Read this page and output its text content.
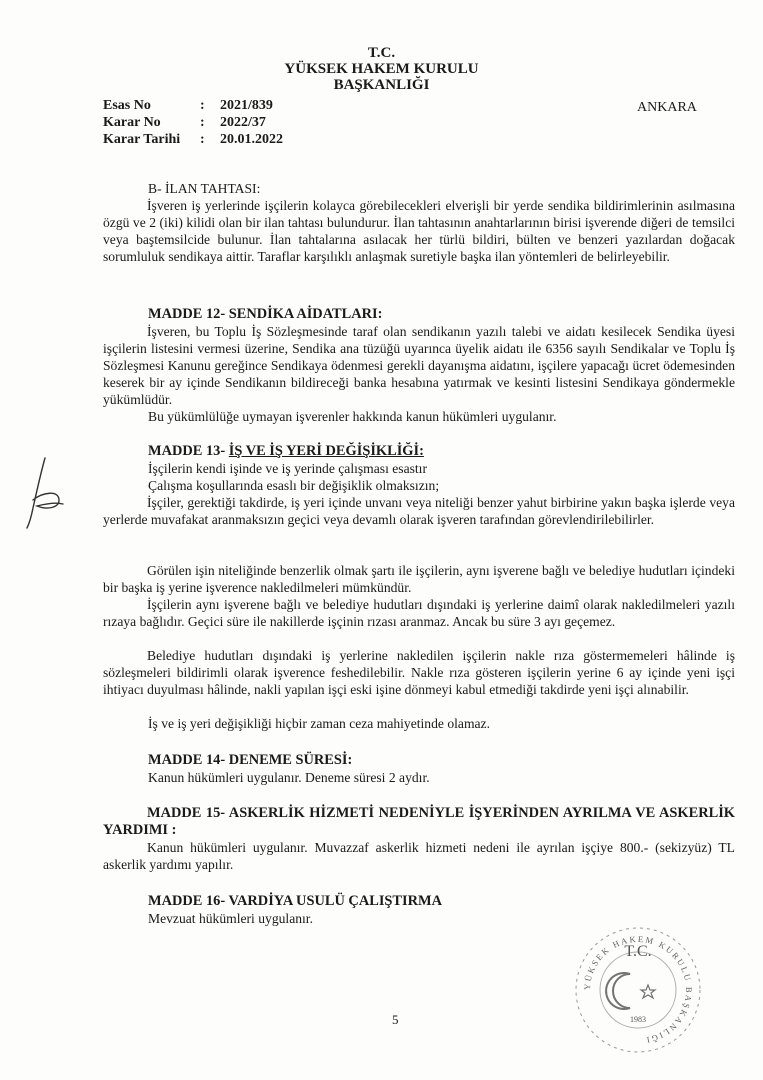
T.C.
YÜKSEK HAKEM KURULU
BAŞKANLIĞI
ANKARA
Esas No	:	2021/839
Karar No	:	2022/37
Karar Tarihi	:	20.01.2022
B- İLAN TAHTASI:
İşveren iş yerlerinde işçilerin kolayca görebilecekleri elverişli bir yerde sendika bildirimlerinin asılmasına özgü ve 2 (iki) kilidi olan bir ilan tahtası bulundurur. İlan tahtasının anahtarlarının birisi işverende diğeri de temsilci veya baştemsilcide bulunur. İlan tahtalarına asılacak her türlü bildiri, bülten ve benzeri yazılardan doğacak sorumluluk sendikaya aittir. Taraflar karşılıklı anlaşmak suretiyle başka ilan yöntemleri de belirleyebilir.
MADDE 12- SENDİKA AİDATLARI:
İşveren, bu Toplu İş Sözleşmesinde taraf olan sendikanın yazılı talebi ve aidatı kesilecek Sendika üyesi işçilerin listesini vermesi üzerine, Sendika ana tüzüğü uyarınca üyelik aidatı ile 6356 sayılı Sendikalar ve Toplu İş Sözleşmesi Kanunu gereğince Sendikaya ödenmesi gerekli dayanışma aidatını, işçilere yapacağı ücret ödemesinden keserek bir ay içinde Sendikanın bildireceği banka hesabına yatırmak ve kesinti listesini Sendikaya göndermekle yükümlüdür.
Bu yükümlülüğe uymayan işverenler hakkında kanun hükümleri uygulanır.
MADDE 13- İŞ VE İŞ YERİ DEĞİŞİKLİĞİ:
İşçilerin kendi işinde ve iş yerinde çalışması esastır
Çalışma koşullarında esaslı bir değişiklik olmaksızın;
İşçiler, gerektiği takdirde, iş yeri içinde unvanı veya niteliği benzer yahut birbirine yakın başka işlerde veya yerlerde muvafakat aranmaksızın geçici veya devamlı olarak işveren tarafından görevlendirilebilirler.
Görülen işin niteliğinde benzerlik olmak şartı ile işçilerin, aynı işverene bağlı ve belediye hudutları içindeki bir başka iş yerine işverence nakledilmeleri mümkündür.
İşçilerin aynı işverene bağlı ve belediye hudutları dışındaki iş yerlerine daimî olarak nakledilmeleri yazılı rızaya bağlıdır. Geçici süre ile nakillerde işçinin rızası aranmaz. Ancak bu süre 3 ayı geçemez.
Belediye hudutları dışındaki iş yerlerine nakledilen işçilerin nakle rıza göstermemeleri hâlinde iş sözleşmeleri bildirimli olarak işverence feshedilebilir. Nakle rıza gösteren işçilerin yerine 6 ay içinde yeni işçi ihtiyacı duyulması hâlinde, nakli yapılan işçi eski işine dönmeyi kabul etmediği takdirde yeni işçi alınabilir.
İş ve iş yeri değişikliği hiçbir zaman ceza mahiyetinde olamaz.
MADDE 14- DENEME SÜRESİ:
Kanun hükümleri uygulanır. Deneme süresi 2 aydır.
MADDE 15- ASKERLİK HİZMETİ NEDENİYLE İŞYERİNDEN AYRILMA VE ASKERLİK YARDIMI :
Kanun hükümleri uygulanır. Muvazzaf askerlik hizmeti nedeni ile ayrılan işçiye 800.- (sekizyüz) TL askerlik yardımı yapılır.
MADDE 16- VARDİYA USULÜ ÇALIŞTIRMA
Mevzuat hükümleri uygulanır.
5
YÜKSEK HAKEM KURULU BAŞKANLIĞI
T.C.
1983
